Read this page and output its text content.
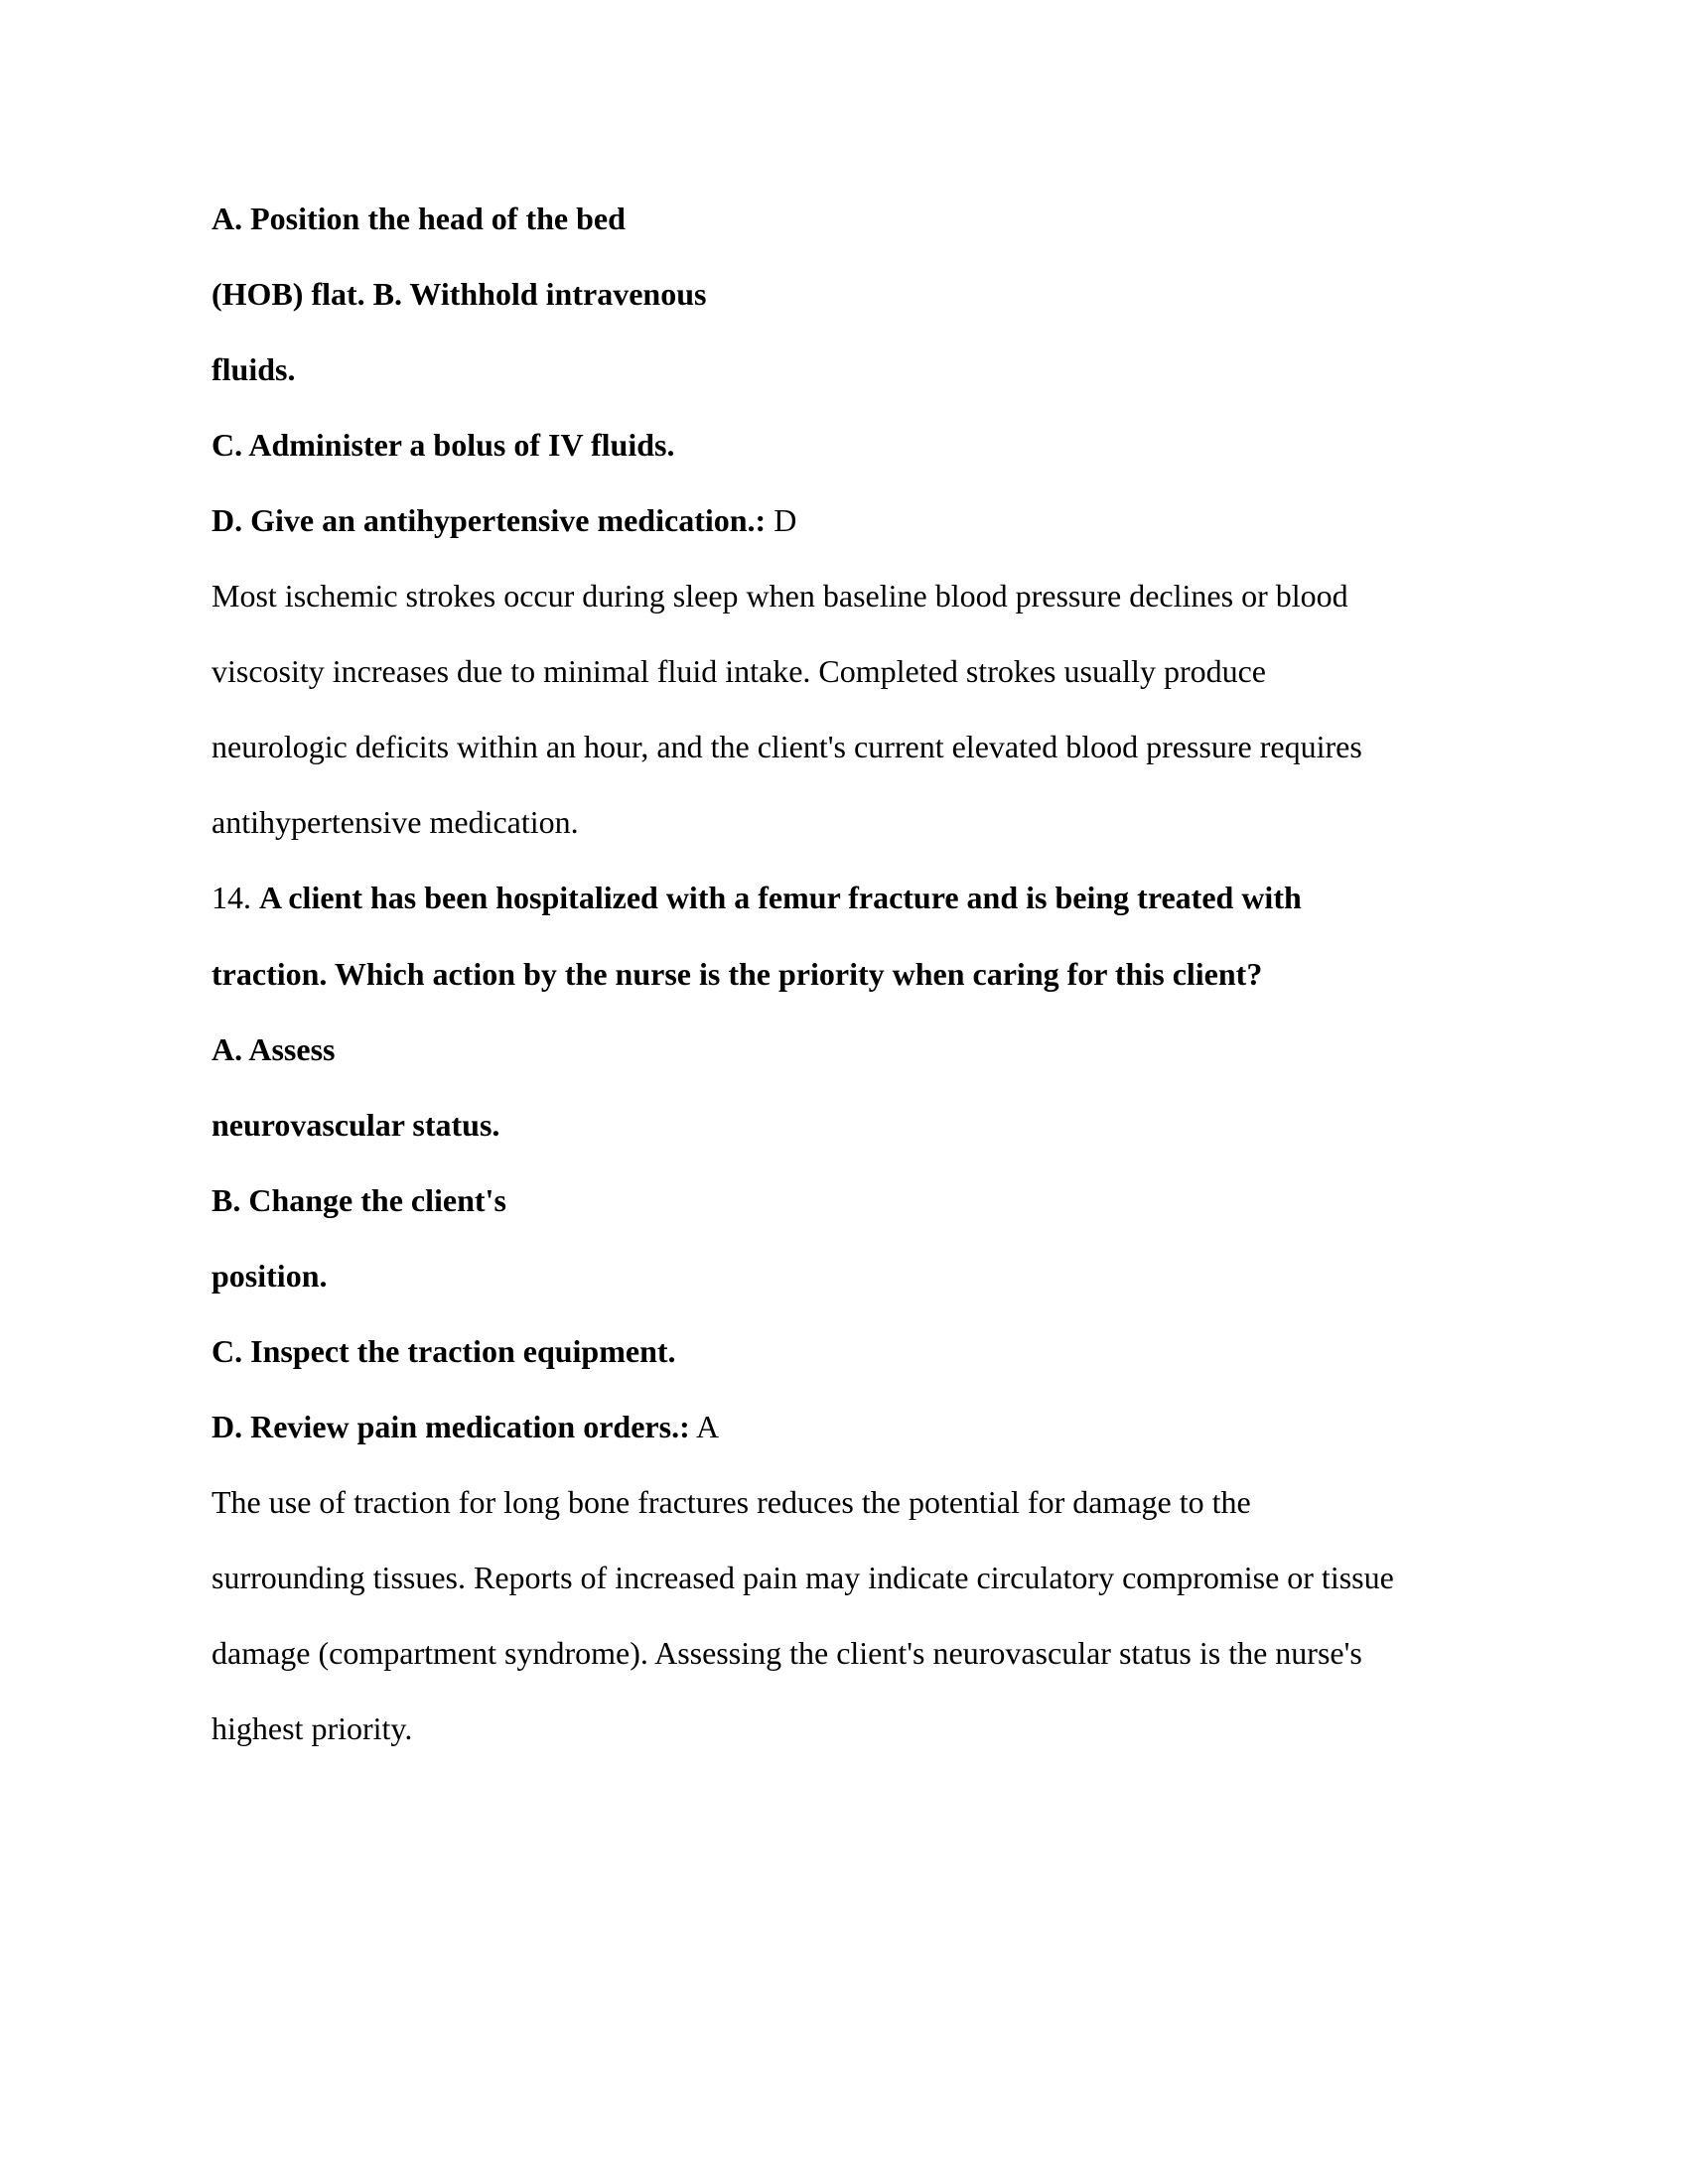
A. Position the head of the bed
(HOB) flat. B. Withhold intravenous
fluids.
C. Administer a bolus of IV fluids.
D. Give an antihypertensive medication.: D
Most ischemic strokes occur during sleep when baseline blood pressure declines or blood
viscosity increases due to minimal fluid intake. Completed strokes usually produce
neurologic deficits within an hour, and the client's current elevated blood pressure requires
antihypertensive medication.
14. A client has been hospitalized with a femur fracture and is being treated with
traction. Which action by the nurse is the priority when caring for this client?
A. Assess
neurovascular status.
B. Change the client's
position.
C. Inspect the traction equipment.
D. Review pain medication orders.: A
The use of traction for long bone fractures reduces the potential for damage to the
surrounding tissues. Reports of increased pain may indicate circulatory compromise or tissue
damage (compartment syndrome). Assessing the client's neurovascular status is the nurse's
highest priority.
